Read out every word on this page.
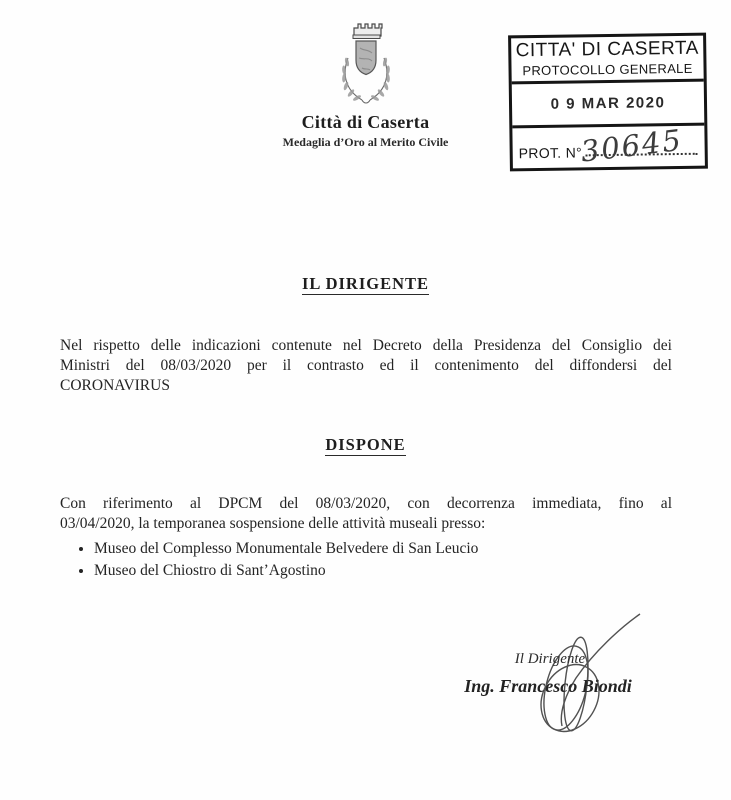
Città di Caserta
Medaglia d’Oro al Merito Civile
CITTA' DI CASERTA
PROTOCOLLO GENERALE
0 9 MAR 2020
PROT. N°
30645
IL DIRIGENTE
Nel rispetto delle indicazioni contenute nel Decreto della Presidenza del Consiglio dei
Ministri del 08/03/2020 per il contrasto ed il contenimento del diffondersi del
CORONAVIRUS
DISPONE
Con riferimento al DPCM del 08/03/2020, con decorrenza immediata, fino al
03/04/2020, la temporanea sospensione delle attività museali presso:
• Museo del Complesso Monumentale Belvedere di San Leucio
• Museo del Chiostro di Sant’Agostino
Il Dirigente
Ing. Francesco Biondi
